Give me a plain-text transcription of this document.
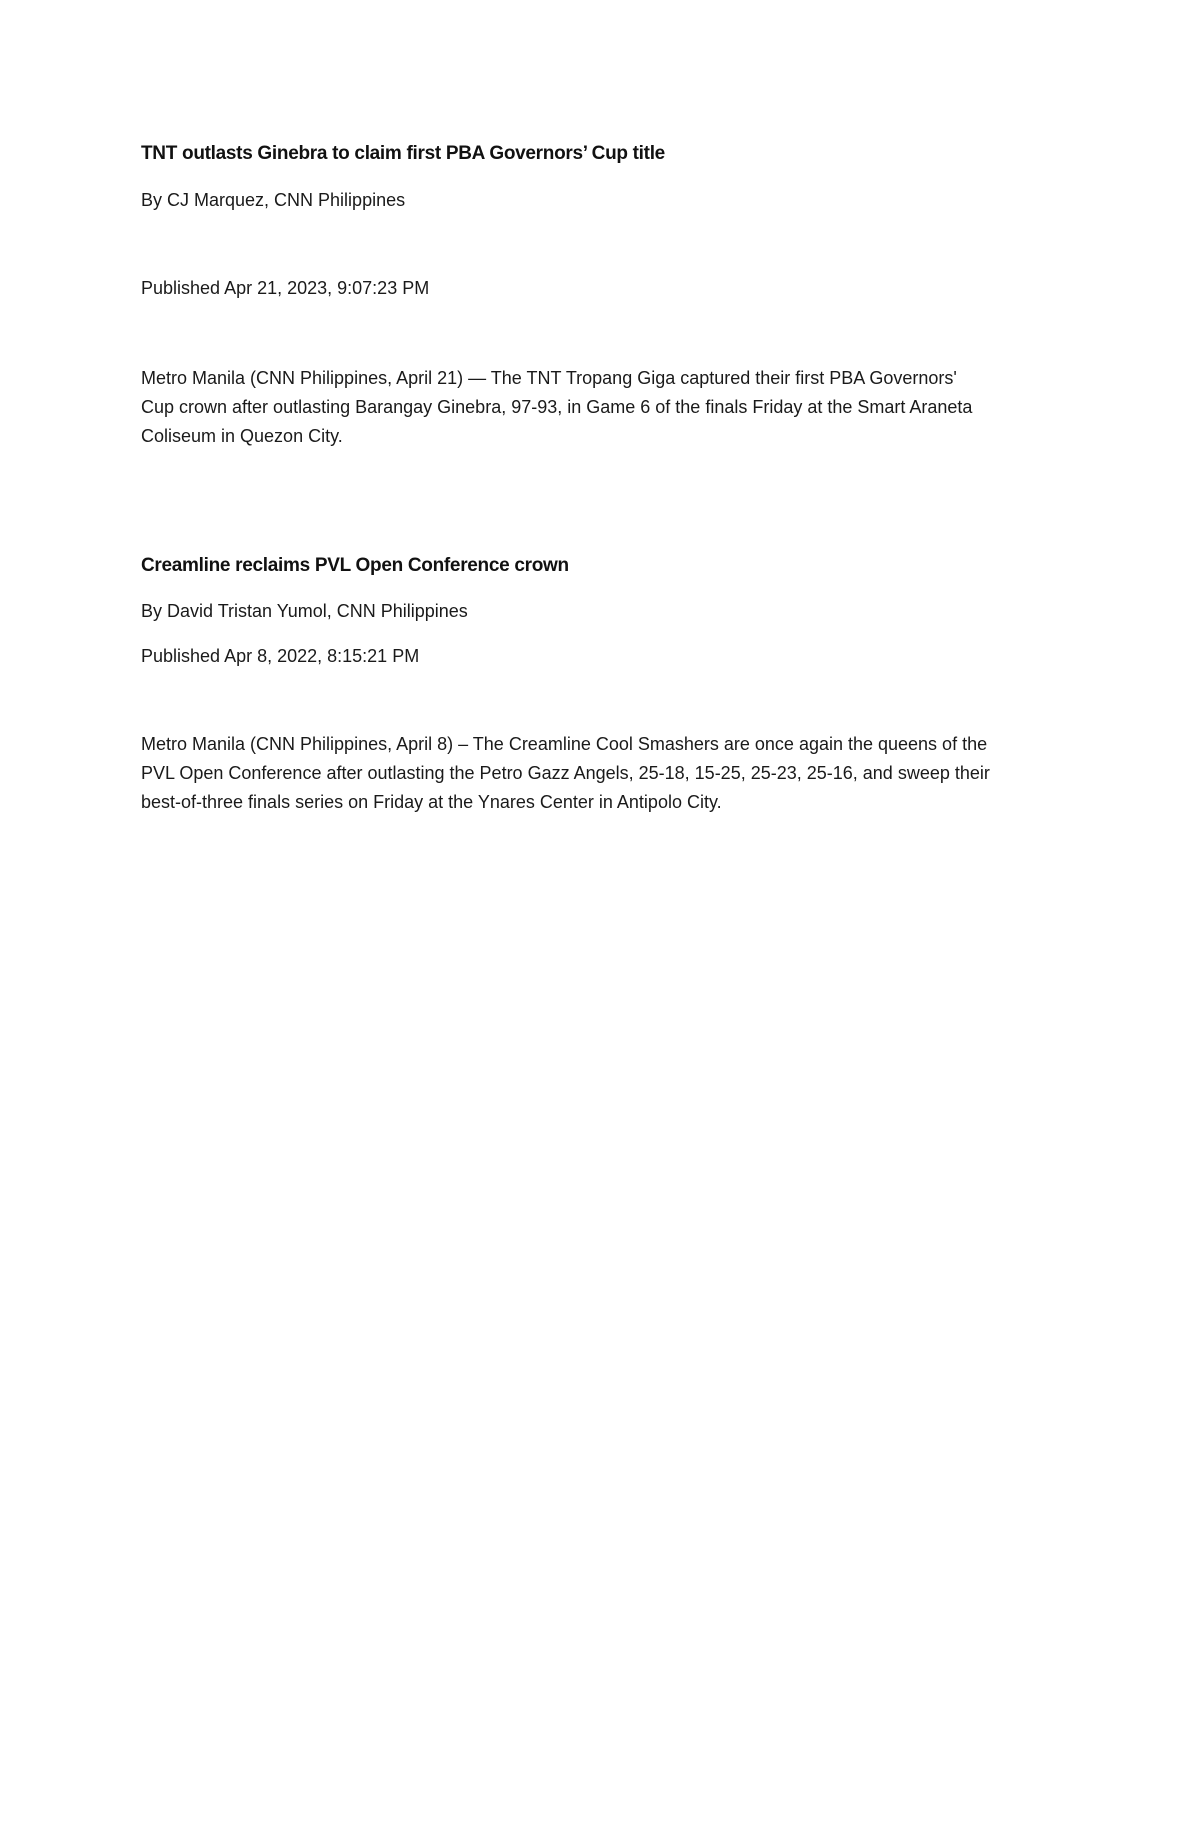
TNT outlasts Ginebra to claim first PBA Governors’ Cup title

By CJ Marquez, CNN Philippines

Published Apr 21, 2023, 9:07:23 PM

Metro Manila (CNN Philippines, April 21) — The TNT Tropang Giga captured their first PBA Governors'
Cup crown after outlasting Barangay Ginebra, 97-93, in Game 6 of the finals Friday at the Smart Araneta
Coliseum in Quezon City.
Creamline reclaims PVL Open Conference crown

By David Tristan Yumol, CNN Philippines

Published Apr 8, 2022, 8:15:21 PM

Metro Manila (CNN Philippines, April 8) – The Creamline Cool Smashers are once again the queens of the
PVL Open Conference after outlasting the Petro Gazz Angels, 25-18, 15-25, 25-23, 25-16, and sweep their
best-of-three finals series on Friday at the Ynares Center in Antipolo City.
